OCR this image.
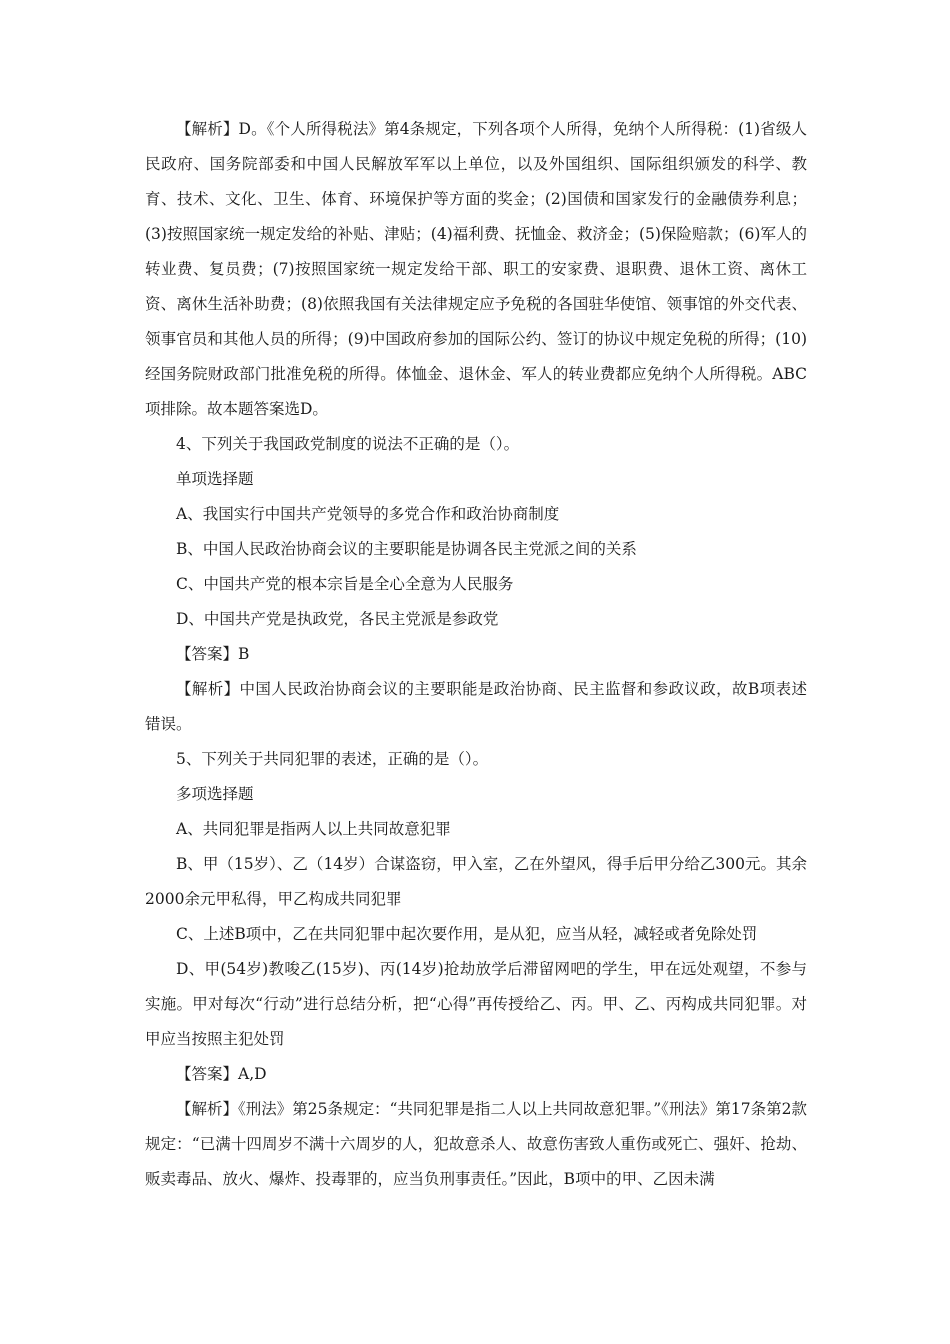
【解析】D。《个人所得税法》第4条规定，下列各项个人所得，免纳个人所得税：(1)省级人民政府、国务院部委和中国人民解放军军以上单位，以及外国组织、国际组织颁发的科学、教育、技术、文化、卫生、体育、环境保护等方面的奖金；(2)国债和国家发行的金融债券利息；(3)按照国家统一规定发给的补贴、津贴；(4)福利费、抚恤金、救济金；(5)保险赔款；(6)军人的转业费、复员费；(7)按照国家统一规定发给干部、职工的安家费、退职费、退休工资、离休工资、离休生活补助费；(8)依照我国有关法律规定应予免税的各国驻华使馆、领事馆的外交代表、领事官员和其他人员的所得；(9)中国政府参加的国际公约、签订的协议中规定免税的所得；(10)经国务院财政部门批准免税的所得。体恤金、退休金、军人的转业费都应免纳个人所得税。ABC项排除。故本题答案选D。

4、下列关于我国政党制度的说法不正确的是（）。

单项选择题

A、我国实行中国共产党领导的多党合作和政治协商制度

B、中国人民政治协商会议的主要职能是协调各民主党派之间的关系

C、中国共产党的根本宗旨是全心全意为人民服务

D、中国共产党是执政党，各民主党派是参政党

【答案】B

【解析】中国人民政治协商会议的主要职能是政治协商、民主监督和参政议政，故B项表述错误。

5、下列关于共同犯罪的表述，正确的是（）。

多项选择题

A、共同犯罪是指两人以上共同故意犯罪

B、甲（15岁）、乙（14岁）合谋盗窃，甲入室，乙在外望风，得手后甲分给乙300元。其余2000余元甲私得，甲乙构成共同犯罪

C、上述B项中，乙在共同犯罪中起次要作用，是从犯，应当从轻，减轻或者免除处罚

D、甲(54岁)教唆乙(15岁)、丙(14岁)抢劫放学后滞留网吧的学生，甲在远处观望，不参与实施。甲对每次“行动”进行总结分析，把“心得”再传授给乙、丙。甲、乙、丙构成共同犯罪。对甲应当按照主犯处罚

【答案】A,D

【解析】《刑法》第25条规定：“共同犯罪是指二人以上共同故意犯罪。”《刑法》第17条第2款规定：“已满十四周岁不满十六周岁的人，犯故意杀人、故意伤害致人重伤或死亡、强奸、抢劫、贩卖毒品、放火、爆炸、投毒罪的，应当负刑事责任。”因此，B项中的甲、乙因未满
